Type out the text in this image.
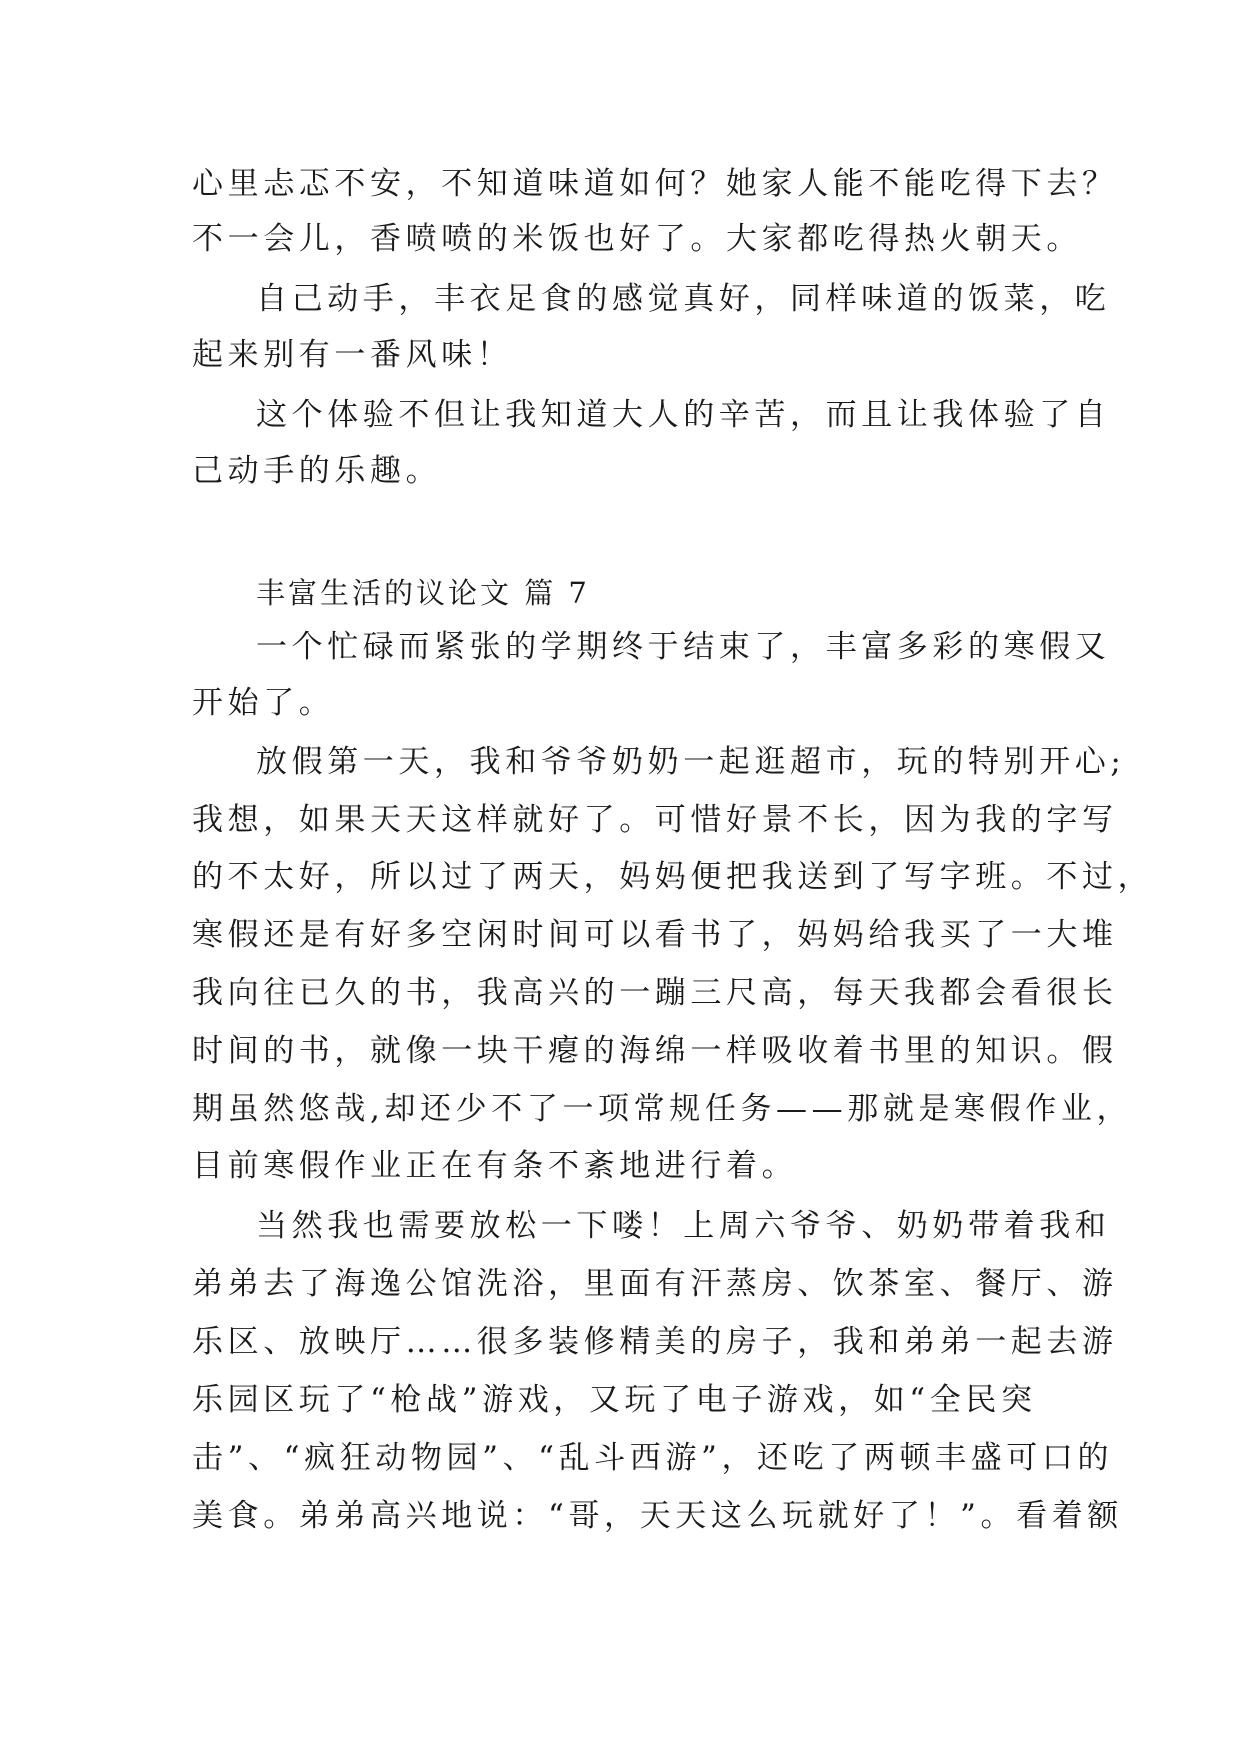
心里忐忑不安，不知道味道如何？她家人能不能吃得下去？
不一会儿，香喷喷的米饭也好了。大家都吃得热火朝天。
自己动手，丰衣足食的感觉真好，同样味道的饭菜，吃
起来别有一番风味！
这个体验不但让我知道大人的辛苦，而且让我体验了自
己动手的乐趣。
丰富生活的议论文 篇 7
一个忙碌而紧张的学期终于结束了，丰富多彩的寒假又
开始了。
放假第一天，我和爷爷奶奶一起逛超市，玩的特别开心;
我想，如果天天这样就好了。可惜好景不长，因为我的字写
的不太好，所以过了两天，妈妈便把我送到了写字班。不过，
寒假还是有好多空闲时间可以看书了，妈妈给我买了一大堆
我向往已久的书，我高兴的一蹦三尺高，每天我都会看很长
时间的书，就像一块干瘪的海绵一样吸收着书里的知识。假
期虽然悠哉,却还少不了一项常规任务——那就是寒假作业，
目前寒假作业正在有条不紊地进行着。
当然我也需要放松一下喽！上周六爷爷、奶奶带着我和
弟弟去了海逸公馆洗浴，里面有汗蒸房、饮茶室、餐厅、游
乐区、放映厅……很多装修精美的房子，我和弟弟一起去游
乐园区玩了“枪战”游戏，又玩了电子游戏，如“全民突
击”、“疯狂动物园”、“乱斗西游”，还吃了两顿丰盛可口的
美食。弟弟高兴地说：“哥，天天这么玩就好了！”。看着额
